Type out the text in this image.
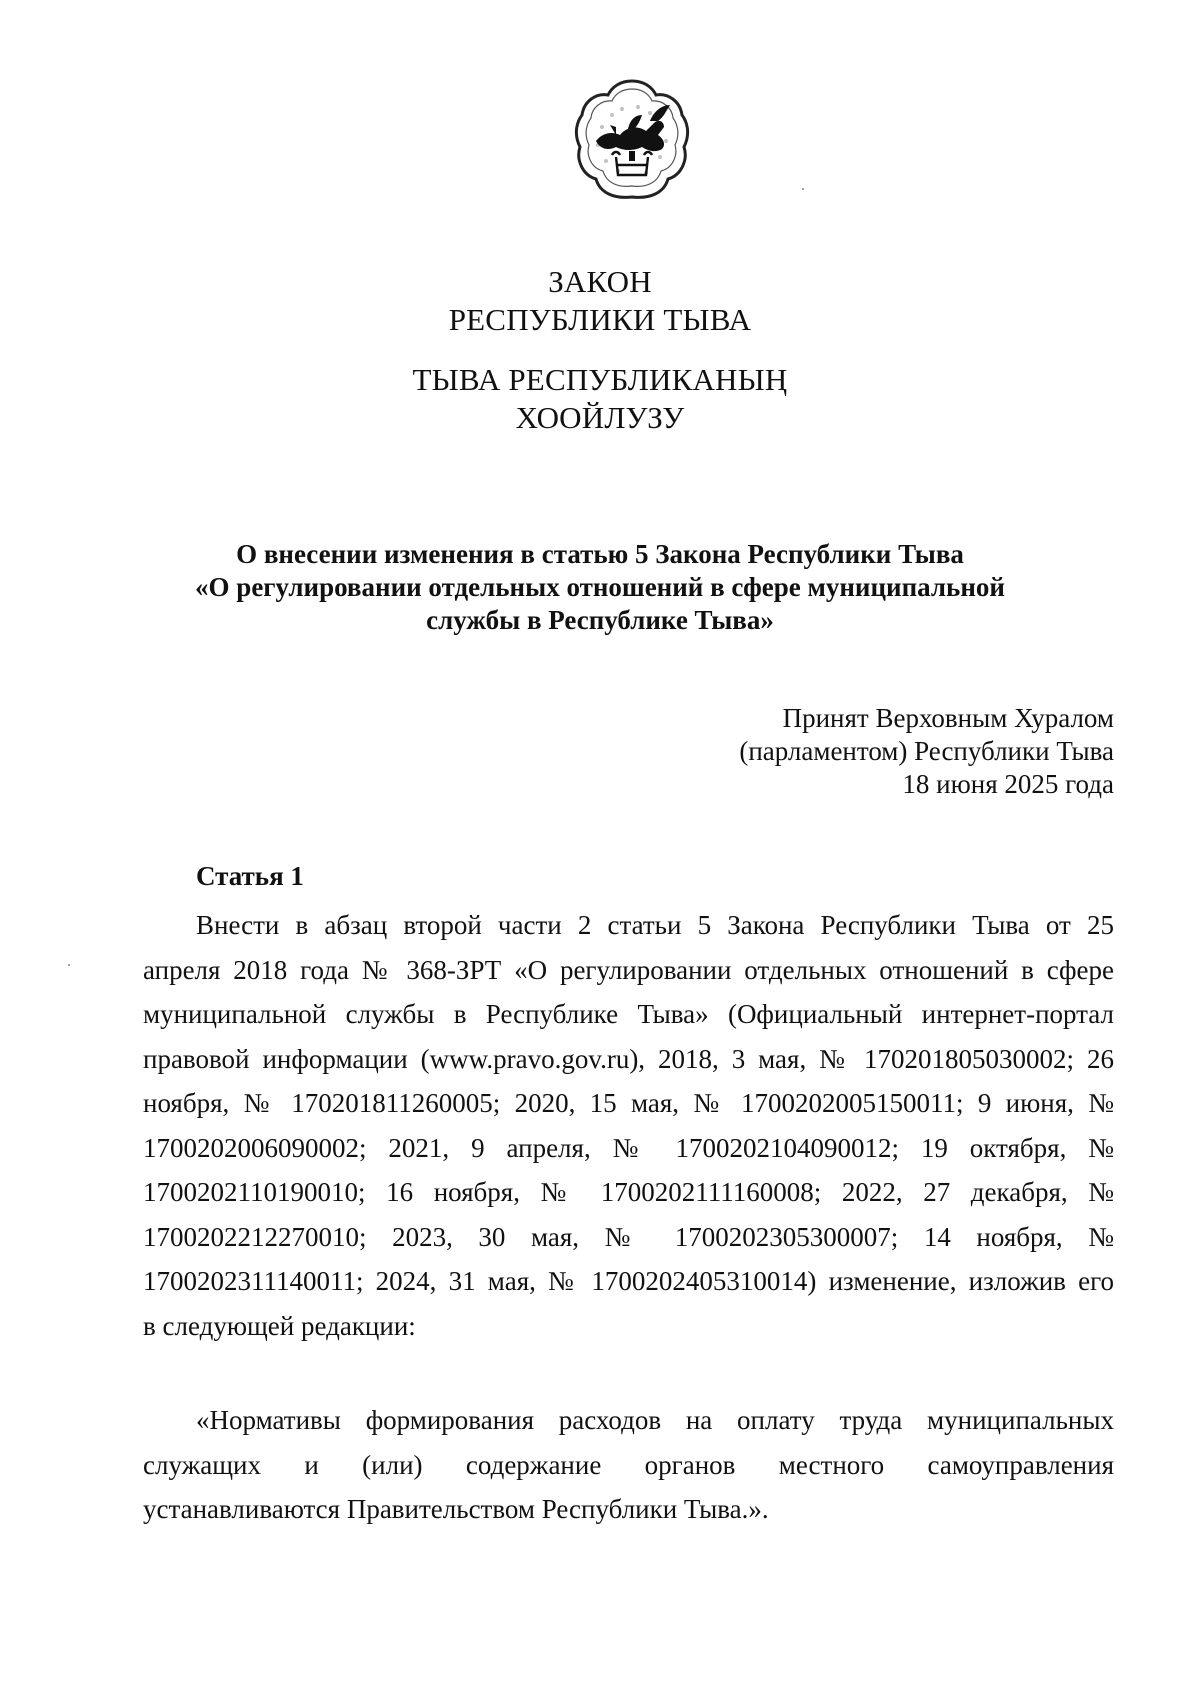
ЗАКОН
РЕСПУБЛИКИ ТЫВА
ТЫВА РЕСПУБЛИКАНЫҢ
ХООЙЛУЗУ
О внесении изменения в статью 5 Закона Республики Тыва
«О регулировании отдельных отношений в сфере муниципальной
службы в Республике Тыва»
Принят Верховным Хуралом
(парламентом) Республики Тыва
18 июня 2025 года
Статья 1
Внести в абзац второй части 2 статьи 5 Закона Республики Тыва от 25
апреля 2018 года № 368-ЗРТ «О регулировании отдельных отношений в сфере
муниципальной службы в Республике Тыва» (Официальный интернет-портал
правовой информации (www.pravo.gov.ru), 2018, 3 мая, № 170201805030002; 26
ноября, № 170201811260005; 2020, 15 мая, № 1700202005150011; 9 июня, №
1700202006090002; 2021, 9 апреля, № 1700202104090012; 19 октября, №
1700202110190010; 16 ноября, № 1700202111160008; 2022, 27 декабря, №
1700202212270010; 2023, 30 мая, № 1700202305300007; 14 ноября, №
1700202311140011; 2024, 31 мая, № 1700202405310014) изменение, изложив его
в следующей редакции:
«Нормативы формирования расходов на оплату труда муниципальных
служащих и (или) содержание органов местного самоуправления
устанавливаются Правительством Республики Тыва.».
